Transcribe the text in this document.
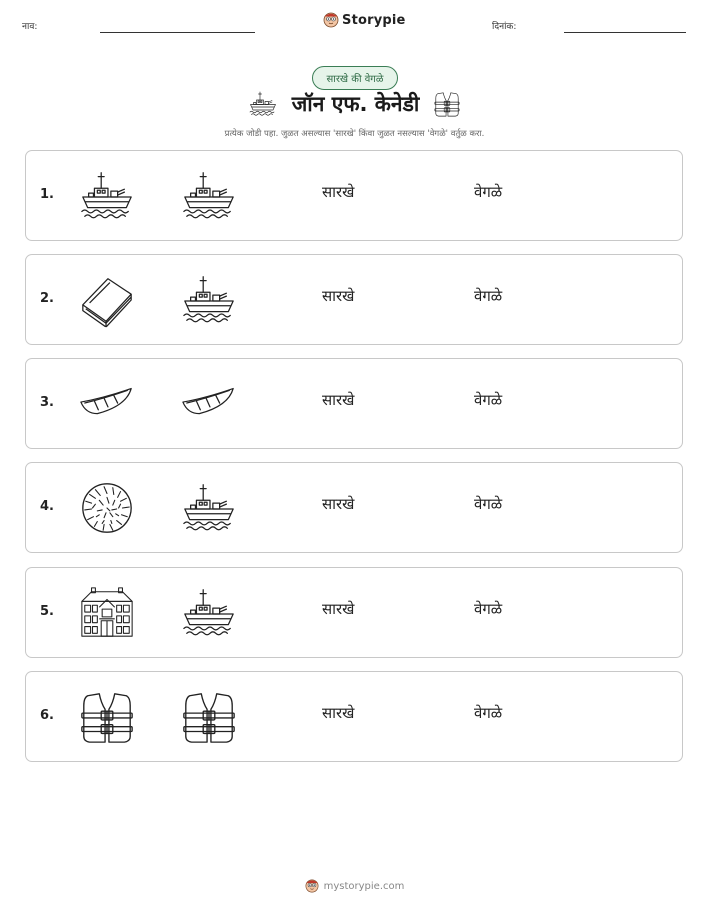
नाव:	Storypie	दिनांक:
सारखे की वेगळे
जॉन एफ. केनेडी
प्रत्येक जोडी पहा. जुळत असल्यास 'सारखे' किंवा जुळत नसल्यास 'वेगळे' वर्तुळ करा.
1.	सारखे	वेगळे
2.	सारखे	वेगळे
3.	सारखे	वेगळे
4.	सारखे	वेगळे
5.	सारखे	वेगळे
6.	सारखे	वेगळे
mystorypie.com
